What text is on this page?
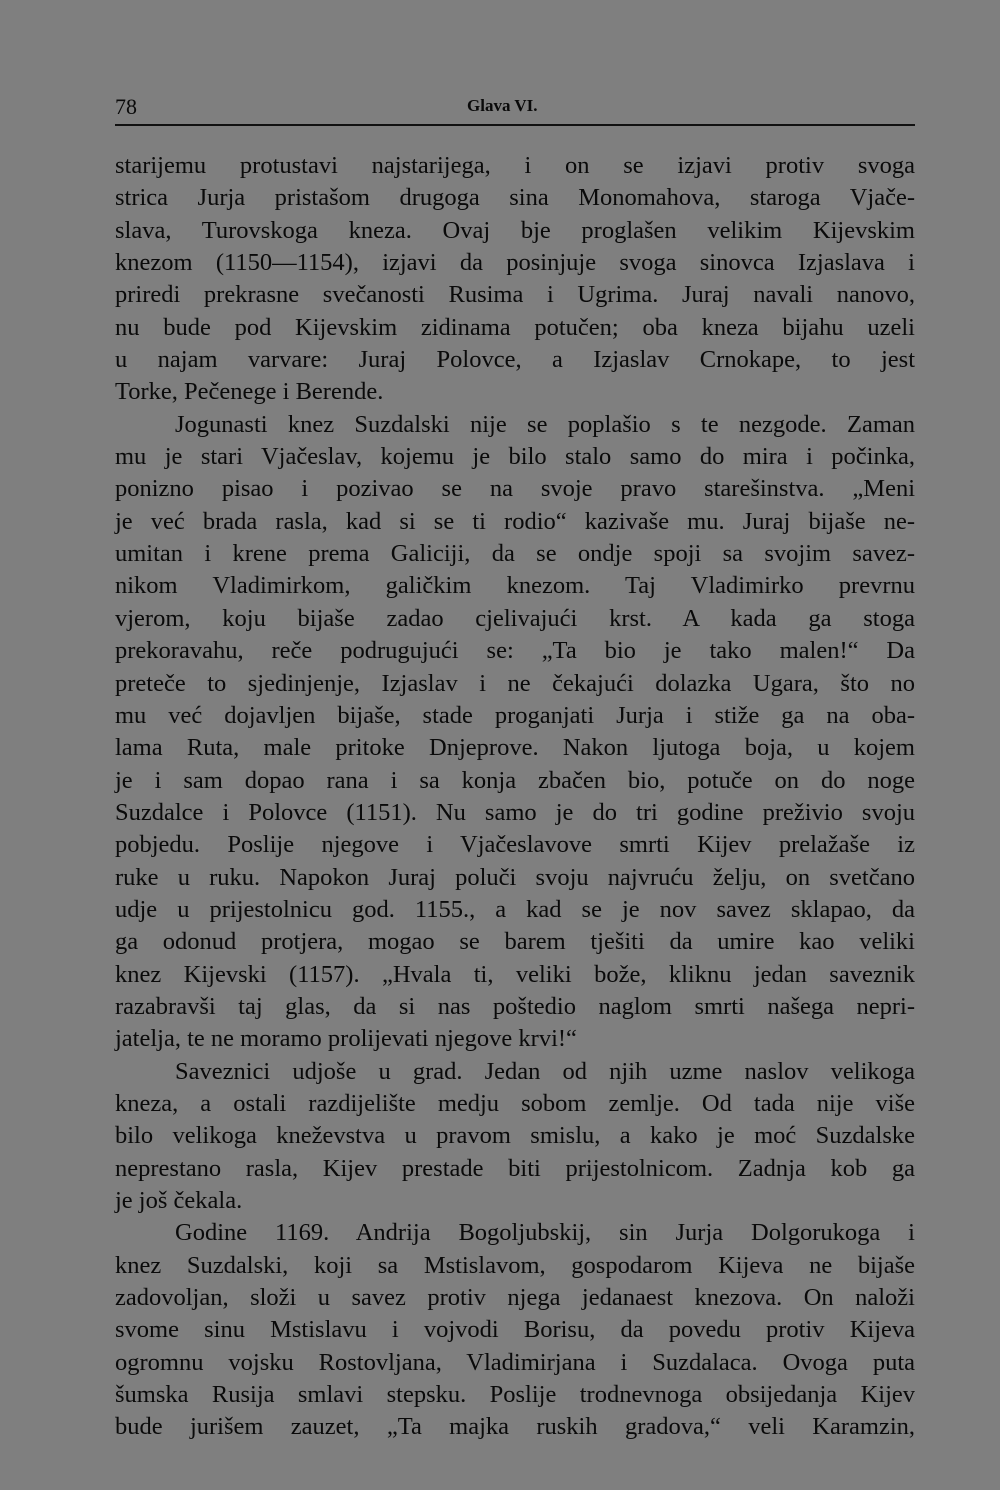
78	Glava VI.
starijemu protustavi najstarijega, i on se izjavi protiv svoga
strica Jurja pristašom drugoga sina Monomahova, staroga Vjače-
slava, Turovskoga kneza. Ovaj bje proglašen velikim Kijevskim
knezom (1150—1154), izjavi da posinjuje svoga sinovca Izjaslava i
priredi prekrasne svečanosti Rusima i Ugrima. Juraj navali nanovo,
nu bude pod Kijevskim zidinama potučen; oba kneza bijahu uzeli
u najam varvare: Juraj Polovce, a Izjaslav Crnokape, to jest
Torke, Pečenege i Berende.
Jogunasti knez Suzdalski nije se poplašio s te nezgode. Zaman
mu je stari Vjačeslav, kojemu je bilo stalo samo do mira i počinka,
ponizno pisao i pozivao se na svoje pravo starešinstva. „Meni
je već brada rasla, kad si se ti rodio“ kazivaše mu. Juraj bijaše ne-
umitan i krene prema Galiciji, da se ondje spoji sa svojim savez-
nikom Vladimirkom, galičkim knezom. Taj Vladimirko prevrnu
vjerom, koju bijaše zadao cjelivajući krst. A kada ga stoga
prekoravahu, reče podrugujući se: „Ta bio je tako malen!“ Da
preteče to sjedinjenje, Izjaslav i ne čekajući dolazka Ugara, što no
mu već dojavljen bijaše, stade proganjati Jurja i stiže ga na oba-
lama Ruta, male pritoke Dnjeprove. Nakon ljutoga boja, u kojem
je i sam dopao rana i sa konja zbačen bio, potuče on do noge
Suzdalce i Polovce (1151). Nu samo je do tri godine preživio svoju
pobjedu. Poslije njegove i Vjačeslavove smrti Kijev prelažaše iz
ruke u ruku. Napokon Juraj poluči svoju najvruću želju, on svetčano
udje u prijestolnicu god. 1155., a kad se je nov savez sklapao, da
ga odonud protjera, mogao se barem tješiti da umire kao veliki
knez Kijevski (1157). „Hvala ti, veliki bože, kliknu jedan saveznik
razabravši taj glas, da si nas poštedio naglom smrti našega nepri-
jatelja, te ne moramo prolijevati njegove krvi!“
Saveznici udjoše u grad. Jedan od njih uzme naslov velikoga
kneza, a ostali razdijelište medju sobom zemlje. Od tada nije više
bilo velikoga kneževstva u pravom smislu, a kako je moć Suzdalske
neprestano rasla, Kijev prestade biti prijestolnicom. Zadnja kob ga
je još čekala.
Godine 1169. Andrija Bogoljubskij, sin Jurja Dolgorukoga i
knez Suzdalski, koji sa Mstislavom, gospodarom Kijeva ne bijaše
zadovoljan, složi u savez protiv njega jedanaest knezova. On naloži
svome sinu Mstislavu i vojvodi Borisu, da povedu protiv Kijeva
ogromnu vojsku Rostovljana, Vladimirjana i Suzdalaca. Ovoga puta
šumska Rusija smlavi stepsku. Poslije trodnevnoga obsijedanja Kijev
bude jurišem zauzet, „Ta majka ruskih gradova,“ veli Karamzin,
